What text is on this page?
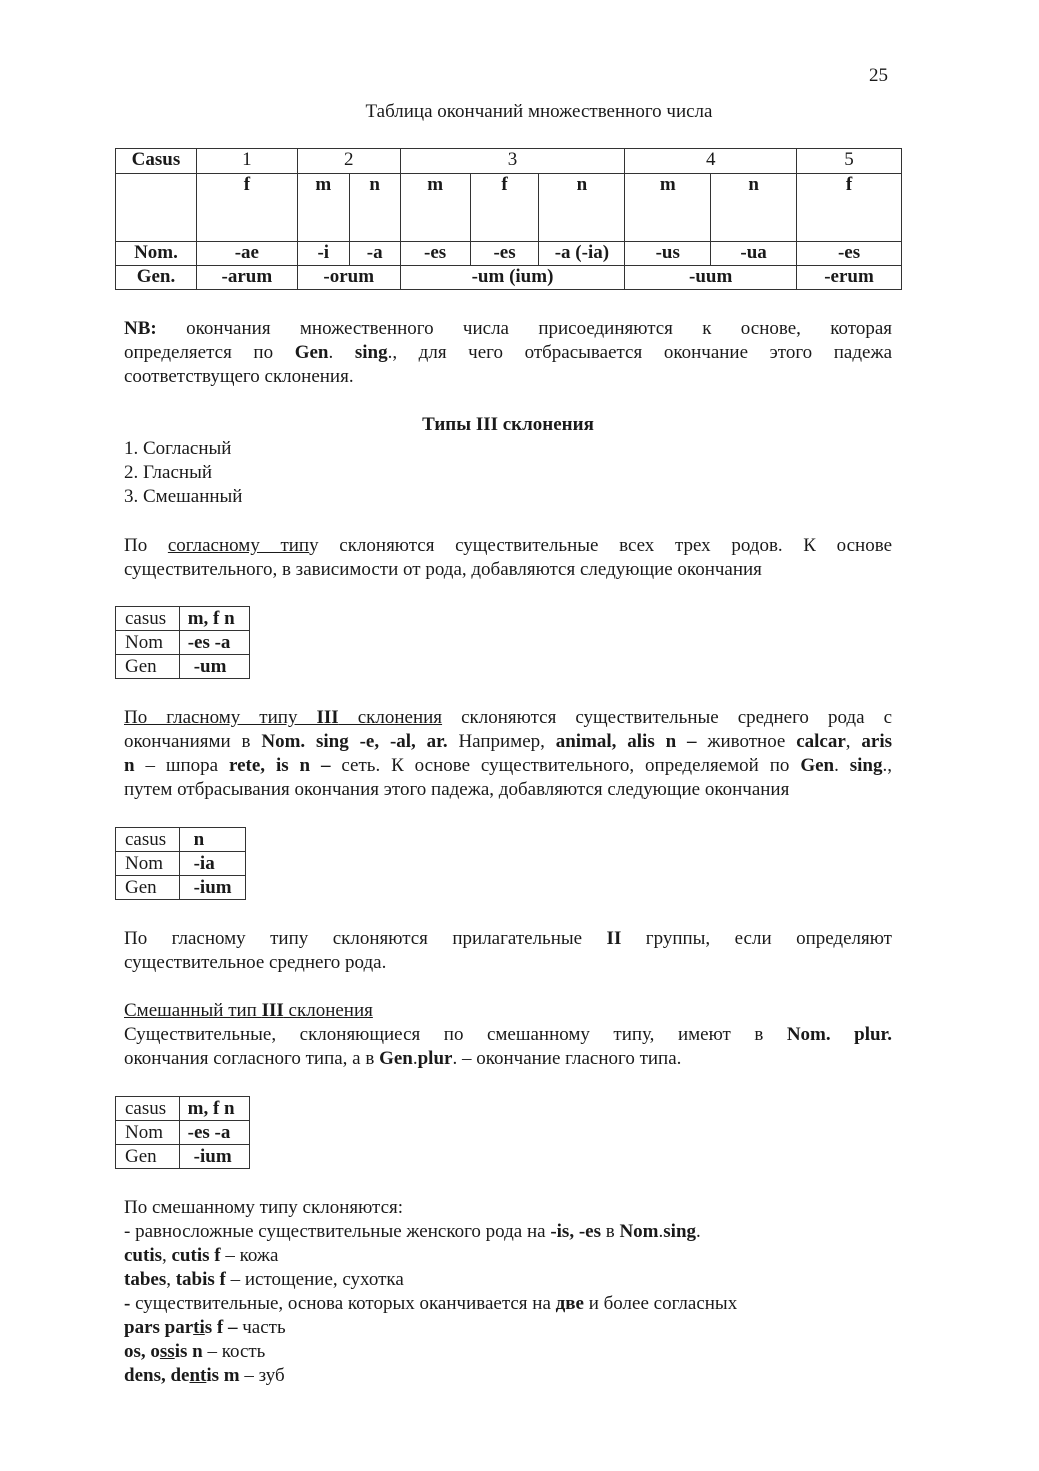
25
Таблица окончаний множественного числа
Casus	1	2		3			4		5
	f	m	n	m	f	n	m	n	f
Nom.	-ae	-i	-a	-es	-es	-a (-ia)	-us	-ua	-es
Gen.	-arum	-orum		-um (ium)			-uum		-erum
NB: окончания множественного числа присоединяются к основе, которая
определяется по Gen. sing., для чего отбрасывается окончание этого падежа
соответствущего склонения.
Типы III склонения
1. Согласный
2. Гласный
3. Смешанный
По согласному типу склоняются существительные всех трех родов. К основе
существительного, в зависимости от рода, добавляются следующие окончания
casus	m, f n
Nom	-es -a
Gen	-um
По гласному типу III склонения склоняются существительные среднего рода с
окончаниями в Nom. sing -e, -al, ar. Например, animal, alis n – животное calcar, aris
n – шпора rete, is n – сеть. К основе существительного, определяемой по Gen. sing.,
путем отбрасывания окончания этого падежа, добавляются следующие окончания
casus	n
Nom	-ia
Gen	-ium
По гласному типу склоняются прилагательные II группы, если определяют
существительное среднего рода.
Смешанный тип III склонения
Существительные, склоняющиеся по смешанному типу, имеют в Nom. plur.
окончания согласного типа, а в Gen.plur. – окончание гласного типа.
casus	m, f n
Nom	-es -a
Gen	-ium
По смешанному типу склоняются:
- равносложные существительные женского рода на -is, -es в Nom.sing.
cutis, cutis f – кожа
tabes, tabis f – истощение, сухотка
- существительные, основа которых оканчивается на две и более согласных
pars partis f – часть
os, ossis n – кость
dens, dentis m – зуб
